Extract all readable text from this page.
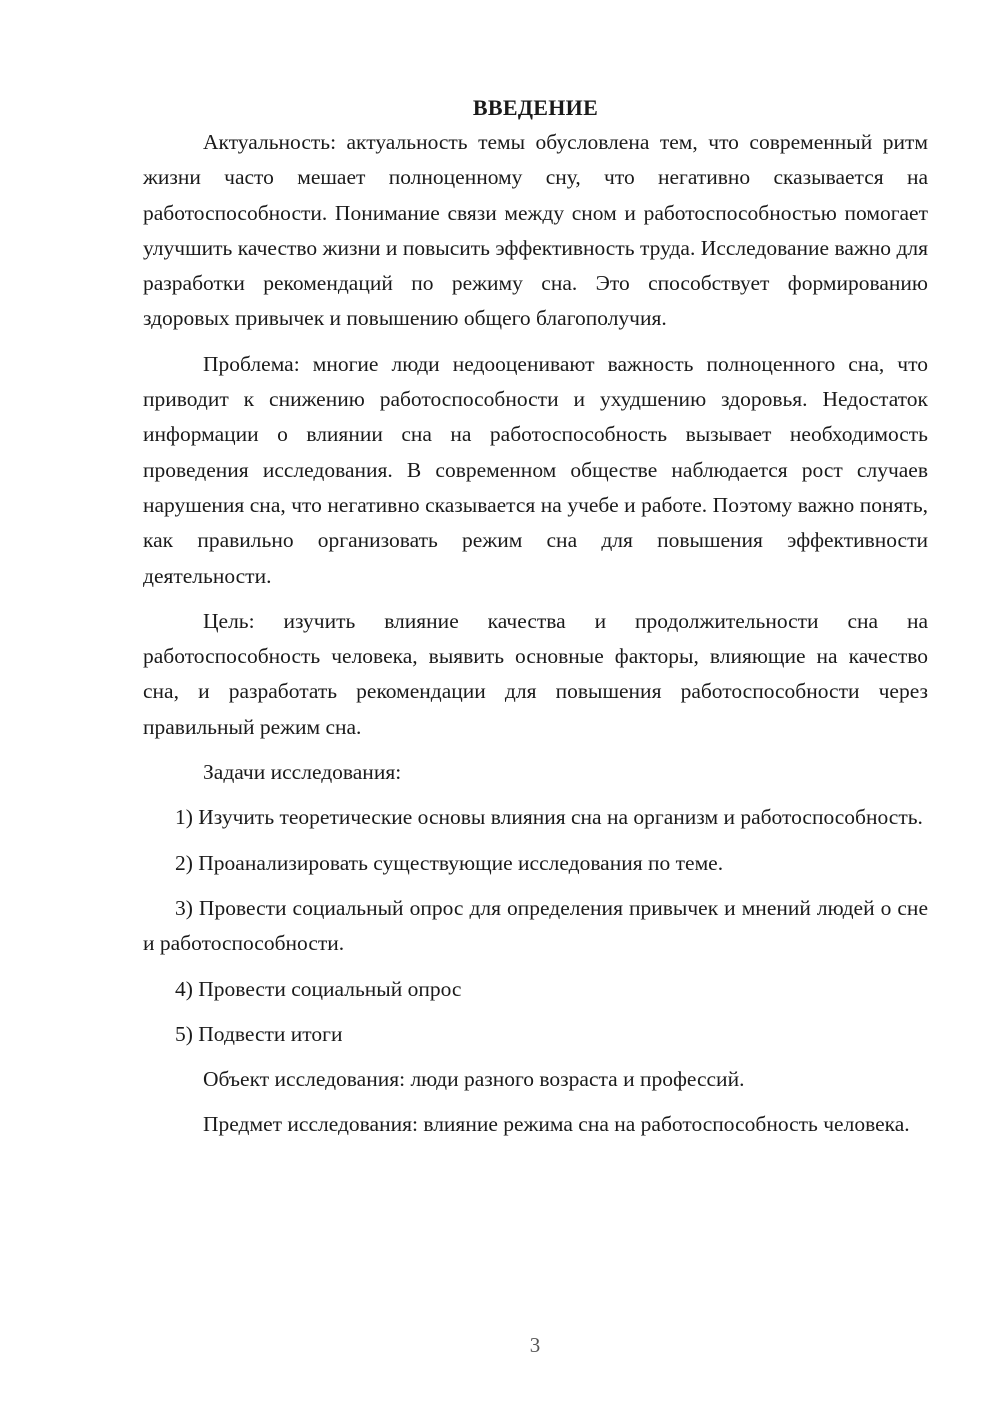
ВВЕДЕНИЕ

Актуальность: актуальность темы обусловлена тем, что современный ритм жизни часто мешает полноценному сну, что негативно сказывается на работоспособности. Понимание связи между сном и работоспособностью помогает улучшить качество жизни и повысить эффективность труда. Исследование важно для разработки рекомендаций по режиму сна. Это способствует формированию здоровых привычек и повышению общего благополучия.

Проблема: многие люди недооценивают важность полноценного сна, что приводит к снижению работоспособности и ухудшению здоровья. Недостаток информации о влиянии сна на работоспособность вызывает необходимость проведения исследования. В современном обществе наблюдается рост случаев нарушения сна, что негативно сказывается на учебе и работе. Поэтому важно понять, как правильно организовать режим сна для повышения эффективности деятельности.

Цель: изучить влияние качества и продолжительности сна на работоспособность человека, выявить основные факторы, влияющие на качество сна, и разработать рекомендации для повышения работоспособности через правильный режим сна.

Задачи исследования:

1) Изучить теоретические основы влияния сна на организм и работоспособность.

2) Проанализировать существующие исследования по теме.

3) Провести социальный опрос для определения привычек и мнений людей о сне и работоспособности.

4) Провести социальный опрос

5) Подвести итоги

Объект исследования: люди разного возраста и профессий.

Предмет исследования: влияние режима сна на работоспособность человека.

3
